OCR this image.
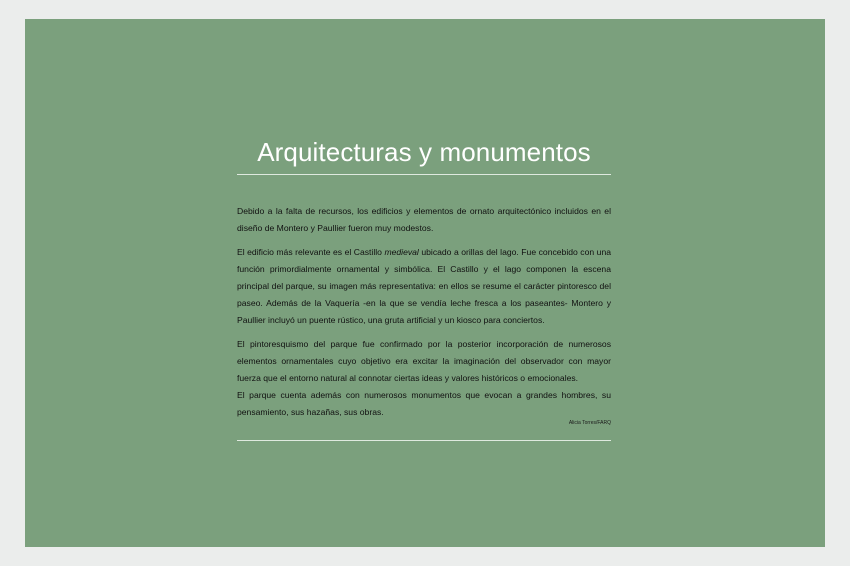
Arquitecturas y monumentos

Debido a la falta de recursos, los edificios y elementos de ornato arquitectónico incluidos en el diseño de Montero y Paullier fueron muy modestos.

El edificio más relevante es el Castillo medieval ubicado a orillas del lago. Fue concebido con una función primordialmente ornamental y simbólica. El Castillo y el lago componen la escena principal del parque, su imagen más representativa: en ellos se resume el carácter pintoresco del paseo. Además de la Vaquería -en la que se vendía leche fresca a los paseantes- Montero y Paullier incluyó un puente rústico, una gruta artificial y un kiosco para conciertos.

El pintoresquismo del parque fue confirmado por la posterior incorporación de numerosos elementos ornamentales cuyo objetivo era excitar la imaginación del observador con mayor fuerza que el entorno natural al connotar ciertas ideas y valores históricos o emocionales.

El parque cuenta además con numerosos monumentos que evocan a grandes hombres, su pensamiento, sus hazañas, sus obras.

Alicia Torres/FARQ
